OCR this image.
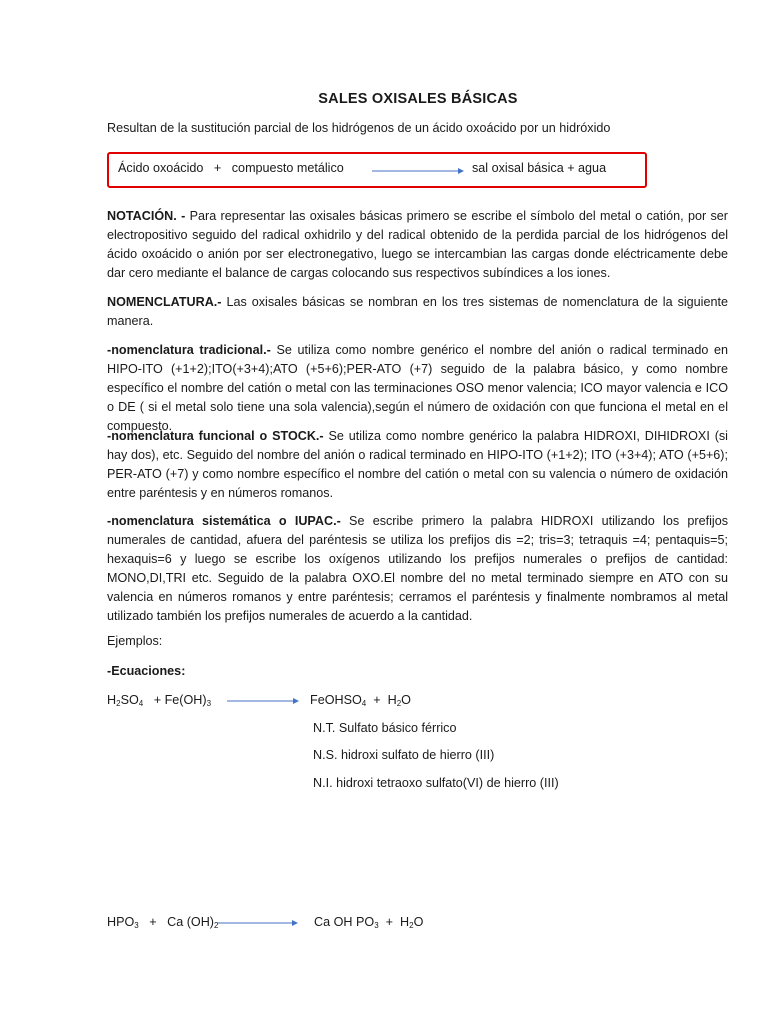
SALES OXISALES BÁSICAS
Resultan de la sustitución parcial de los hidrógenos de un ácido oxoácido por un hidróxido
Ácido oxoácido   +   compuesto metálico	sal oxisal básica + agua
NOTACIÓN. - Para representar las oxisales básicas primero se escribe el símbolo del metal o catión, por ser electropositivo seguido del radical oxhidrilo y del radical obtenido de la perdida parcial de los hidrógenos del ácido oxoácido o anión por ser electronegativo, luego se intercambian las cargas donde eléctricamente debe dar cero mediante el balance de cargas colocando sus respectivos subíndices a los iones.
NOMENCLATURA.- Las oxisales básicas se nombran en los tres sistemas de nomenclatura de la siguiente manera.
-nomenclatura tradicional.- Se utiliza como nombre genérico el nombre del anión o radical terminado en HIPO-ITO (+1+2);ITO(+3+4);ATO (+5+6);PER-ATO (+7) seguido de la palabra básico, y como nombre específico el nombre del catión o metal con las terminaciones OSO menor valencia; ICO mayor valencia e ICO o DE ( si el metal solo tiene una sola valencia),según el número de oxidación con que funciona el metal en el compuesto.
-nomenclatura funcional o STOCK.- Se utiliza como nombre genérico la palabra HIDROXI, DIHIDROXI (si hay dos), etc. Seguido del nombre del anión o radical terminado en HIPO-ITO (+1+2); ITO (+3+4); ATO (+5+6); PER-ATO (+7) y como nombre específico el nombre del catión o metal con su valencia o número de oxidación entre paréntesis y en números romanos.
-nomenclatura sistemática o IUPAC.- Se escribe primero la palabra HIDROXI utilizando los prefijos numerales de cantidad, afuera del paréntesis se utiliza los prefijos dis =2; tris=3; tetraquis =4; pentaquis=5; hexaquis=6 y luego se escribe los oxígenos utilizando los prefijos numerales o prefijos de cantidad: MONO,DI,TRI etc. Seguido de la palabra OXO.El nombre del no metal terminado siempre en ATO con su valencia en números romanos y entre paréntesis; cerramos el paréntesis y finalmente nombramos al metal utilizado también los prefijos numerales de acuerdo a la cantidad.
Ejemplos:
-Ecuaciones:
$H_2SO_4 + Fe(OH)_3$	FeOHSO$_4$  +  $H_2O$
N.T. Sulfato básico férrico
N.S. hidroxi sulfato de hierro (III)
N.I. hidroxi tetraoxo sulfato(VI) de hierro (III)
$HPO_3 + Ca$ $(OH)_2$	Ca OH $PO_3 + H_2O$
